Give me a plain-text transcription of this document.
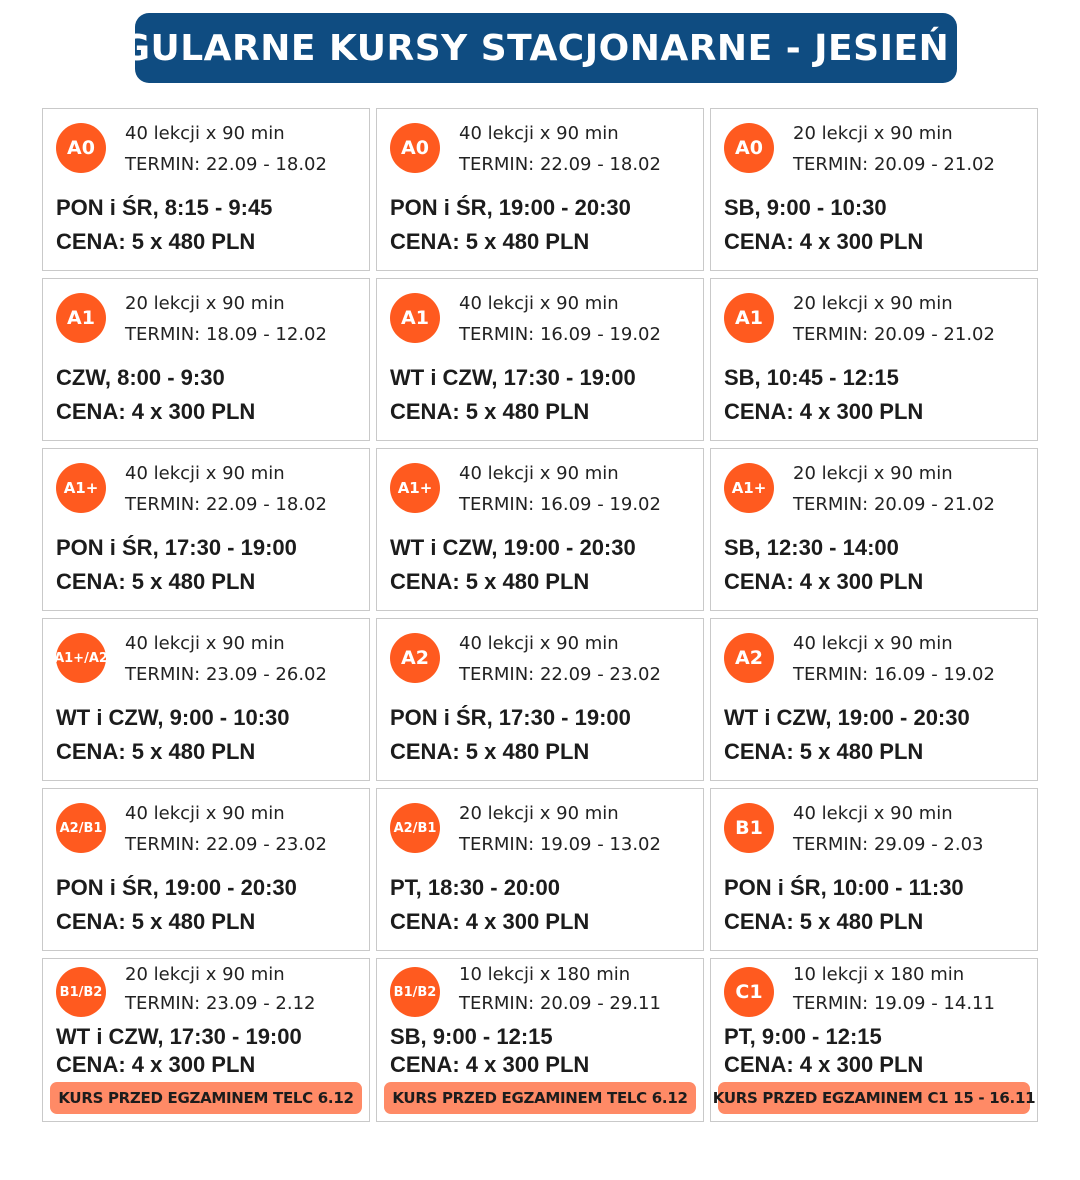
REGULARNE KURSY STACJONARNE - JESIEŃ 25'
A0
40 lekcji x 90 min
TERMIN: 22.09 - 18.02
PON i ŚR, 8:15 - 9:45
CENA: 5 x 480 PLN
A0
40 lekcji x 90 min
TERMIN: 22.09 - 18.02
PON i ŚR, 19:00 - 20:30
CENA: 5 x 480 PLN
A0
20 lekcji x 90 min
TERMIN: 20.09 - 21.02
SB, 9:00 - 10:30
CENA: 4 x 300 PLN
A1
20 lekcji x 90 min
TERMIN: 18.09 - 12.02
CZW, 8:00 - 9:30
CENA: 4 x 300 PLN
A1
40 lekcji x 90 min
TERMIN: 16.09 - 19.02
WT i CZW, 17:30 - 19:00
CENA: 5 x 480 PLN
A1
20 lekcji x 90 min
TERMIN: 20.09 - 21.02
SB, 10:45 - 12:15
CENA: 4 x 300 PLN
A1+
40 lekcji x 90 min
TERMIN: 22.09 - 18.02
PON i ŚR, 17:30 - 19:00
CENA: 5 x 480 PLN
A1+
40 lekcji x 90 min
TERMIN: 16.09 - 19.02
WT i CZW, 19:00 - 20:30
CENA: 5 x 480 PLN
A1+
20 lekcji x 90 min
TERMIN: 20.09 - 21.02
SB, 12:30 - 14:00
CENA: 4 x 300 PLN
A1+/A2
40 lekcji x 90 min
TERMIN: 23.09 - 26.02
WT i CZW, 9:00 - 10:30
CENA: 5 x 480 PLN
A2
40 lekcji x 90 min
TERMIN: 22.09 - 23.02
PON i ŚR, 17:30 - 19:00
CENA: 5 x 480 PLN
A2
40 lekcji x 90 min
TERMIN: 16.09 - 19.02
WT i CZW, 19:00 - 20:30
CENA: 5 x 480 PLN
A2/B1
40 lekcji x 90 min
TERMIN: 22.09 - 23.02
PON i ŚR, 19:00 - 20:30
CENA: 5 x 480 PLN
A2/B1
20 lekcji x 90 min
TERMIN: 19.09 - 13.02
PT, 18:30 - 20:00
CENA: 4 x 300 PLN
B1
40 lekcji x 90 min
TERMIN: 29.09 - 2.03
PON i ŚR, 10:00 - 11:30
CENA: 5 x 480 PLN
B1/B2
20 lekcji x 90 min
TERMIN: 23.09 - 2.12
WT i CZW, 17:30 - 19:00
CENA: 4 x 300 PLN
KURS PRZED EGZAMINEM TELC 6.12
B1/B2
10 lekcji x 180 min
TERMIN: 20.09 - 29.11
SB, 9:00 - 12:15
CENA: 4 x 300 PLN
KURS PRZED EGZAMINEM TELC 6.12
C1
10 lekcji x 180 min
TERMIN: 19.09 - 14.11
PT, 9:00 - 12:15
CENA: 4 x 300 PLN
KURS PRZED EGZAMINEM C1 15 - 16.11
